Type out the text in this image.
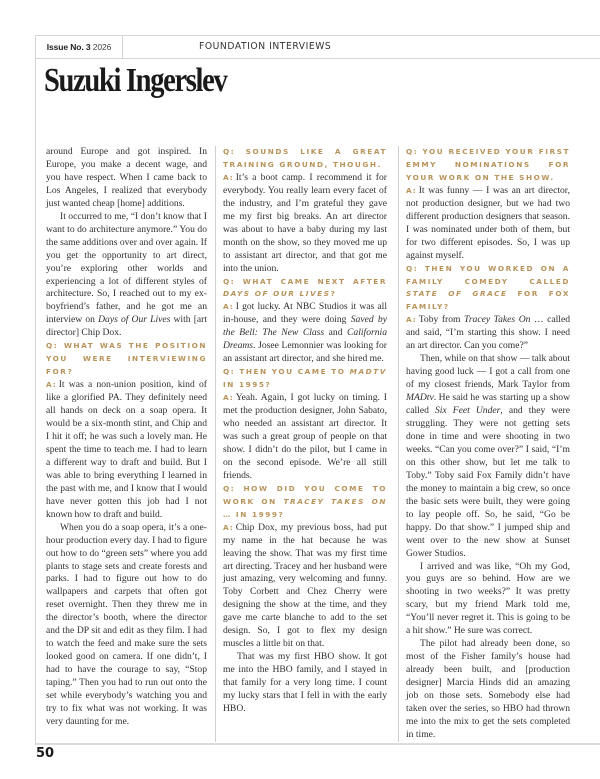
Issue No. 3 2026	FOUNDATION INTERVIEWS
Suzuki Ingerslev

around Europe and got inspired. In Europe, you make a decent wage, and you have respect. When I came back to Los Angeles, I realized that everybody just wanted cheap [home] additions.

It occurred to me, “I don’t know that I want to do architecture anymore.” You do the same additions over and over again. If you get the opportunity to art direct, you’re exploring other worlds and experiencing a lot of different styles of architecture. So, I reached out to my ex-boyfriend’s father, and he got me an interview on Days of Our Lives with [art director] Chip Dox.

Q: WHAT WAS THE POSITION YOU WERE INTERVIEWING FOR?

A: It was a non-union position, kind of like a glorified PA. They definitely need all hands on deck on a soap opera. It would be a six-month stint, and Chip and I hit it off; he was such a lovely man. He spent the time to teach me. I had to learn a different way to draft and build. But I was able to bring everything I learned in the past with me, and I know that I would have never gotten this job had I not known how to draft and build.

When you do a soap opera, it’s a one-hour production every day. I had to figure out how to do “green sets” where you add plants to stage sets and create forests and parks. I had to figure out how to do wallpapers and carpets that often got reset overnight. Then they threw me in the director’s booth, where the director and the DP sit and edit as they film. I had to watch the feed and make sure the sets looked good on camera. If one didn’t, I had to have the courage to say, “Stop taping.” Then you had to run out onto the set while everybody’s watching you and try to fix what was not working. It was very daunting for me.

Q: SOUNDS LIKE A GREAT TRAINING GROUND, THOUGH.

A: It’s a boot camp. I recommend it for everybody. You really learn every facet of the industry, and I’m grateful they gave me my first big breaks. An art director was about to have a baby during my last month on the show, so they moved me up to assistant art director, and that got me into the union.

Q: WHAT CAME NEXT AFTER DAYS OF OUR LIVES?

A: I got lucky. At NBC Studios it was all in-house, and they were doing Saved by the Bell: The New Class and California Dreams. Josee Lemonnier was looking for an assistant art director, and she hired me.

Q: THEN YOU CAME TO MADTV IN 1995?

A: Yeah. Again, I got lucky on timing. I met the production designer, John Sabato, who needed an assistant art director. It was such a great group of people on that show. I didn’t do the pilot, but I came in on the second episode. We’re all still friends.

Q: HOW DID YOU COME TO WORK ON TRACEY TAKES ON … IN 1999?

A: Chip Dox, my previous boss, had put my name in the hat because he was leaving the show. That was my first time art directing. Tracey and her husband were just amazing, very welcoming and funny. Toby Corbett and Chez Cherry were designing the show at the time, and they gave me carte blanche to add to the set design. So, I got to flex my design muscles a little bit on that.

That was my first HBO show. It got me into the HBO family, and I stayed in that family for a very long time. I count my lucky stars that I fell in with the early HBO.

Q: YOU RECEIVED YOUR FIRST EMMY NOMINATIONS FOR YOUR WORK ON THE SHOW.

A: It was funny — I was an art director, not production designer, but we had two different production designers that season. I was nominated under both of them, but for two different episodes. So, I was up against myself.

Q: THEN YOU WORKED ON A FAMILY COMEDY CALLED STATE OF GRACE FOR FOX FAMILY?

A: Toby from Tracey Takes On … called and said, “I’m starting this show. I need an art director. Can you come?”

Then, while on that show — talk about having good luck — I got a call from one of my closest friends, Mark Taylor from MADtv. He said he was starting up a show called Six Feet Under, and they were struggling. They were not getting sets done in time and were shooting in two weeks. “Can you come over?” I said, “I’m on this other show, but let me talk to Toby.” Toby said Fox Family didn’t have the money to maintain a big crew, so once the basic sets were built, they were going to lay people off. So, he said, “Go be happy. Do that show.” I jumped ship and went over to the new show at Sunset Gower Studios.

I arrived and was like, “Oh my God, you guys are so behind. How are we shooting in two weeks?” It was pretty scary, but my friend Mark told me, “You’ll never regret it. This is going to be a hit show.” He sure was correct.

The pilot had already been done, so most of the Fisher family’s house had already been built, and [production designer] Marcia Hinds did an amazing job on those sets. Somebody else had taken over the series, so HBO had thrown me into the mix to get the sets completed in time.

50
